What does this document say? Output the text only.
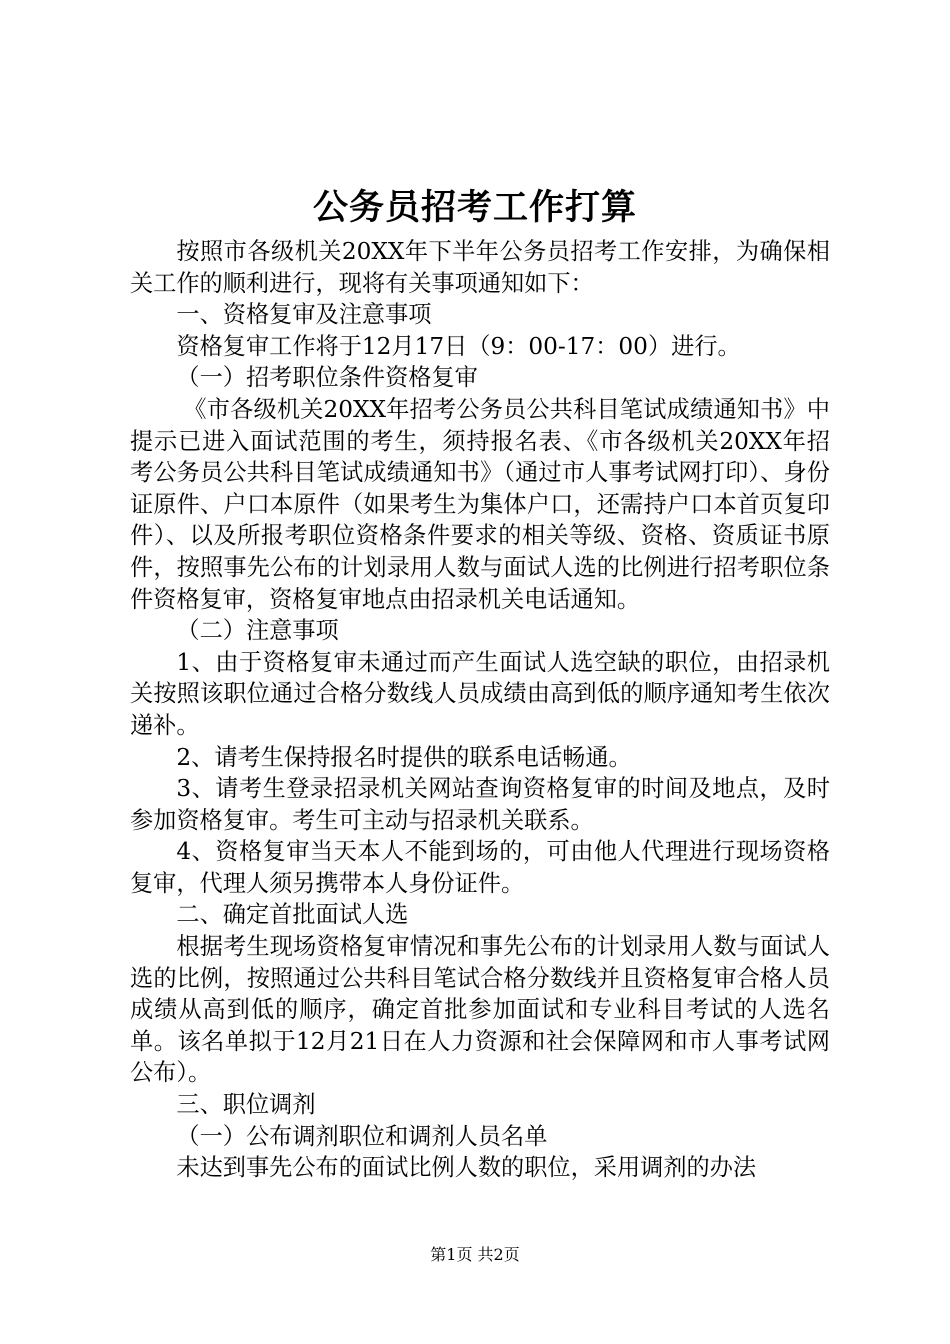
公务员招考工作打算

按照市各级机关20XX年下半年公务员招考工作安排，为确保相关工作的顺利进行，现将有关事项通知如下：

一、资格复审及注意事项

资格复审工作将于12月17日（9：00-17：00）进行。

（一）招考职位条件资格复审

《市各级机关20XX年招考公务员公共科目笔试成绩通知书》中提示已进入面试范围的考生，须持报名表、《市各级机关20XX年招考公务员公共科目笔试成绩通知书》（通过市人事考试网打印）、身份证原件、户口本原件（如果考生为集体户口，还需持户口本首页复印件）、以及所报考职位资格条件要求的相关等级、资格、资质证书原件，按照事先公布的计划录用人数与面试人选的比例进行招考职位条件资格复审，资格复审地点由招录机关电话通知。

（二）注意事项

1、由于资格复审未通过而产生面试人选空缺的职位，由招录机关按照该职位通过合格分数线人员成绩由高到低的顺序通知考生依次递补。

2、请考生保持报名时提供的联系电话畅通。

3、请考生登录招录机关网站查询资格复审的时间及地点，及时参加资格复审。考生可主动与招录机关联系。

4、资格复审当天本人不能到场的，可由他人代理进行现场资格复审，代理人须另携带本人身份证件。

二、确定首批面试人选

根据考生现场资格复审情况和事先公布的计划录用人数与面试人选的比例，按照通过公共科目笔试合格分数线并且资格复审合格人员成绩从高到低的顺序，确定首批参加面试和专业科目考试的人选名单。该名单拟于12月21日在人力资源和社会保障网和市人事考试网公布）。

三、职位调剂

（一）公布调剂职位和调剂人员名单

未达到事先公布的面试比例人数的职位，采用调剂的办法

第1页 共2页
